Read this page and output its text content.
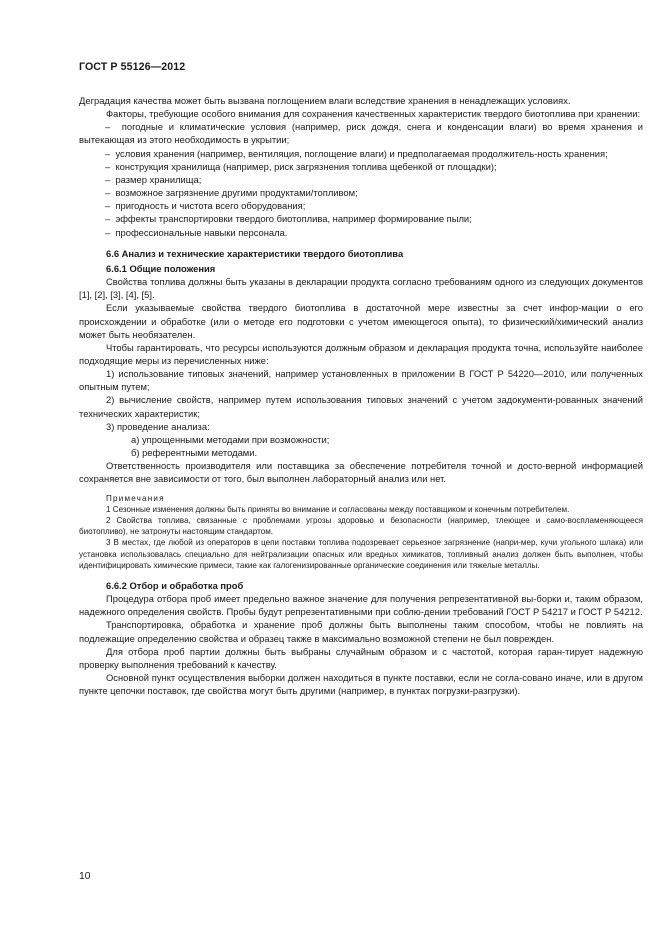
ГОСТ Р 55126—2012
Деградация качества может быть вызвана поглощением влаги вследствие хранения в ненадлежащих условиях.
Факторы, требующие особого внимания для сохранения качественных характеристик твердого биотоплива при хранении:
–  погодные и климатические условия (например, риск дождя, снега и конденсации влаги) во время хранения и вытекающая из этого необходимость в укрытии;
–  условия хранения (например, вентиляция, поглощение влаги) и предполагаемая продолжитель-ность хранения;
–  конструкция хранилища (например, риск загрязнения топлива щебенкой от площадки);
–  размер хранилища;
–  возможное загрязнение другими продуктами/топливом;
–  пригодность и чистота всего оборудования;
–  эффекты транспортировки твердого биотоплива, например формирование пыли;
–  профессиональные навыки персонала.
6.6 Анализ и технические характеристики твердого биотоплива
6.6.1 Общие положения
Свойства топлива должны быть указаны в декларации продукта согласно требованиям одного из следующих документов [1], [2], [3], [4], [5].
Если указываемые свойства твердого биотоплива в достаточной мере известны за счет инфор-мации о его происхождении и обработке (или о методе его подготовки с учетом имеющегося опыта), то физический/химический анализ может быть необязателен.
Чтобы гарантировать, что ресурсы используются должным образом и декларация продукта точна, используйте наиболее подходящие меры из перечисленных ниже:
1) использование типовых значений, например установленных в приложении В ГОСТ Р 54220—2010, или полученных опытным путем;
2) вычисление свойств, например путем использования типовых значений с учетом задокументи-рованных значений технических характеристик;
3) проведение анализа:
а) упрощенными методами при возможности;
б) референтными методами.
Ответственность производителя или поставщика за обеспечение потребителя точной и досто-верной информацией сохраняется вне зависимости от того, был выполнен лабораторный анализ или нет.
Примечания
1 Сезонные изменения должны быть приняты во внимание и согласованы между поставщиком и конечным потребителем.
2 Свойства топлива, связанные с проблемами угрозы здоровью и безопасности (например, тлеющее и само-воспламеняющееся биотопливо), не затронуты настоящим стандартом.
3 В местах, где любой из операторов в цепи поставки топлива подозревает серьезное загрязнение (напри-мер, кучи угольного шлака) или установка использовалась специально для нейтрализации опасных или вредных химикатов, топливный анализ должен быть выполнен, чтобы идентифицировать химические примеси, такие как галогенизированные органические соединения или тяжелые металлы.
6.6.2 Отбор и обработка проб
Процедура отбора проб имеет предельно важное значение для получения репрезентативной вы-борки и, таким образом, надежного определения свойств. Пробы будут репрезентативными при соблю-дении требований ГОСТ Р 54217 и ГОСТ Р 54212.
Транспортировка, обработка и хранение проб должны быть выполнены таким способом, чтобы не повлиять на подлежащие определению свойства и образец также в максимально возможной степени не был поврежден.
Для отбора проб партии должны быть выбраны случайным образом и с частотой, которая гаран-тирует надежную проверку выполнения требований к качеству.
Основной пункт осуществления выборки должен находиться в пункте поставки, если не согла-совано иначе, или в другом пункте цепочки поставок, где свойства могут быть другими (например, в пунктах погрузки-разгрузки).
10
